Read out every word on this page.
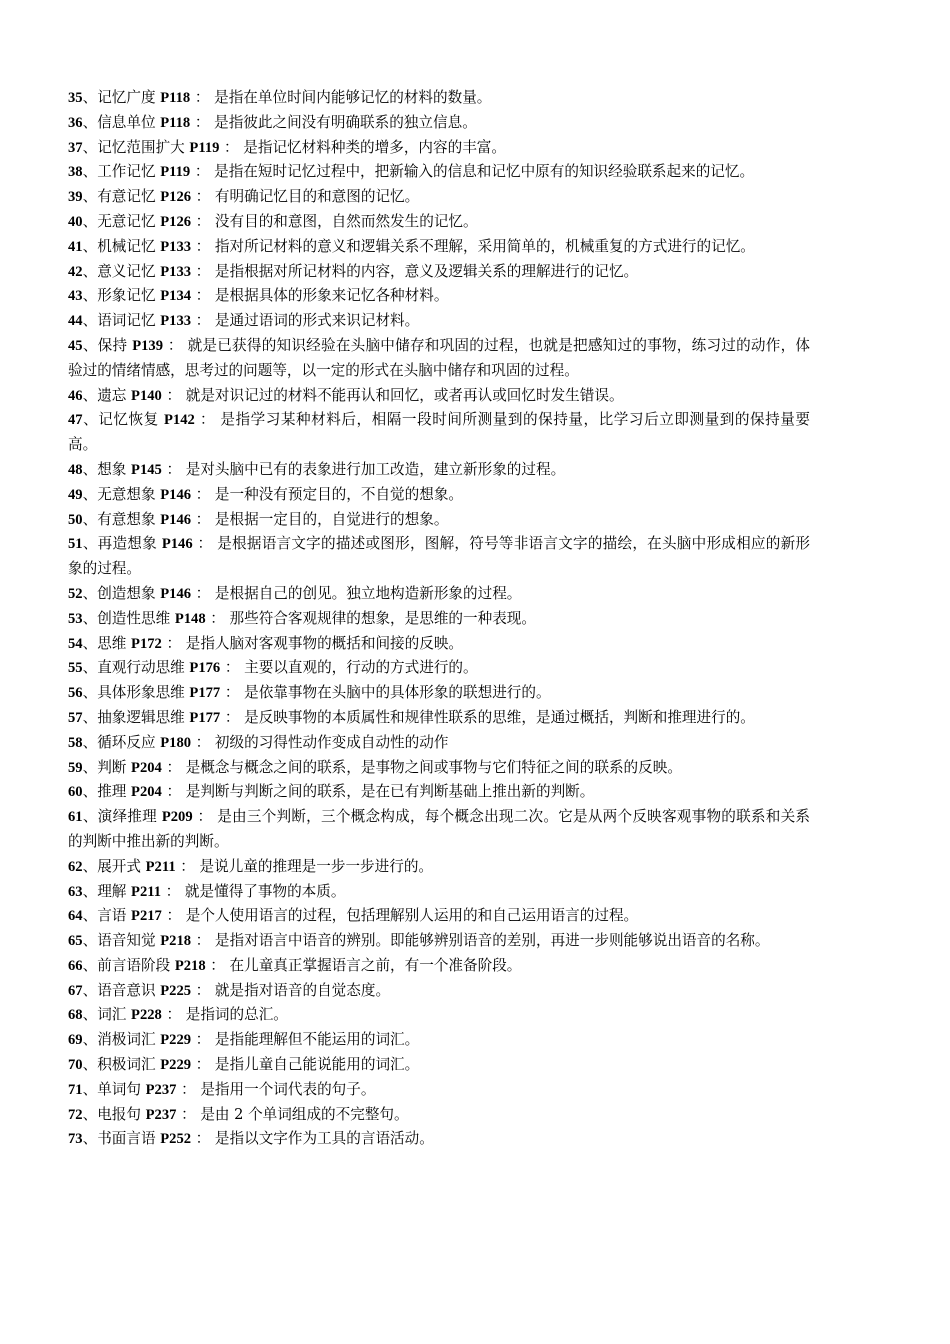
35、记忆广度 P118 ： 是指在单位时间内能够记忆的材料的数量。

36、信息单位 P118 ： 是指彼此之间没有明确联系的独立信息。

37、记忆范围扩大 P119 ： 是指记忆材料种类的增多，内容的丰富。

38、工作记忆 P119 ： 是指在短时记忆过程中，把新输入的信息和记忆中原有的知识经验联系起来的记忆。

39、有意记忆 P126 ： 有明确记忆目的和意图的记忆。

40、无意记忆 P126 ： 没有目的和意图，自然而然发生的记忆。

41、机械记忆 P133 ： 指对所记材料的意义和逻辑关系不理解，采用简单的，机械重复的方式进行的记忆。

42、意义记忆 P133 ： 是指根据对所记材料的内容，意义及逻辑关系的理解进行的记忆。

43、形象记忆 P134 ： 是根据具体的形象来记忆各种材料。

44、语词记忆 P133 ： 是通过语词的形式来识记材料。

45、保持 P139 ： 就是已获得的知识经验在头脑中储存和巩固的过程，也就是把感知过的事物，练习过的动作，体验过的情绪情感，思考过的问题等，以一定的形式在头脑中储存和巩固的过程。

46、遗忘 P140 ： 就是对识记过的材料不能再认和回忆，或者再认或回忆时发生错误。

47、记忆恢复 P142 ： 是指学习某种材料后，相隔一段时间所测量到的保持量，比学习后立即测量到的保持量要高。

48、想象 P145 ： 是对头脑中已有的表象进行加工改造，建立新形象的过程。

49、无意想象 P146 ： 是一种没有预定目的，不自觉的想象。

50、有意想象 P146 ： 是根据一定目的，自觉进行的想象。

51、再造想象 P146 ： 是根据语言文字的描述或图形，图解，符号等非语言文字的描绘，在头脑中形成相应的新形象的过程。

52、创造想象 P146 ： 是根据自己的创见。独立地构造新形象的过程。

53、创造性思维 P148 ： 那些符合客观规律的想象，是思维的一种表现。

54、思维 P172 ： 是指人脑对客观事物的概括和间接的反映。

55、直观行动思维 P176 ： 主要以直观的，行动的方式进行的。

56、具体形象思维 P177 ： 是依靠事物在头脑中的具体形象的联想进行的。

57、抽象逻辑思维 P177 ： 是反映事物的本质属性和规律性联系的思维，是通过概括，判断和推理进行的。

58、循环反应 P180 ： 初级的习得性动作变成自动性的动作

59、判断 P204 ： 是概念与概念之间的联系，是事物之间或事物与它们特征之间的联系的反映。

60、推理 P204 ： 是判断与判断之间的联系，是在已有判断基础上推出新的判断。

61、演绎推理 P209 ： 是由三个判断，三个概念构成，每个概念出现二次。它是从两个反映客观事物的联系和关系的判断中推出新的判断。

62、展开式 P211 ： 是说儿童的推理是一步一步进行的。

63、理解 P211 ： 就是懂得了事物的本质。

64、言语 P217 ： 是个人使用语言的过程，包括理解别人运用的和自己运用语言的过程。

65、语音知觉 P218 ： 是指对语言中语音的辨别。即能够辨别语音的差别，再进一步则能够说出语音的名称。

66、前言语阶段 P218 ： 在儿童真正掌握语言之前，有一个准备阶段。

67、语音意识 P225 ： 就是指对语音的自觉态度。

68、词汇 P228 ： 是指词的总汇。

69、消极词汇 P229 ： 是指能理解但不能运用的词汇。

70、积极词汇 P229 ： 是指儿童自己能说能用的词汇。

71、单词句 P237 ： 是指用一个词代表的句子。

72、电报句 P237 ： 是由 2 个单词组成的不完整句。

73、书面言语 P252 ： 是指以文字作为工具的言语活动。
